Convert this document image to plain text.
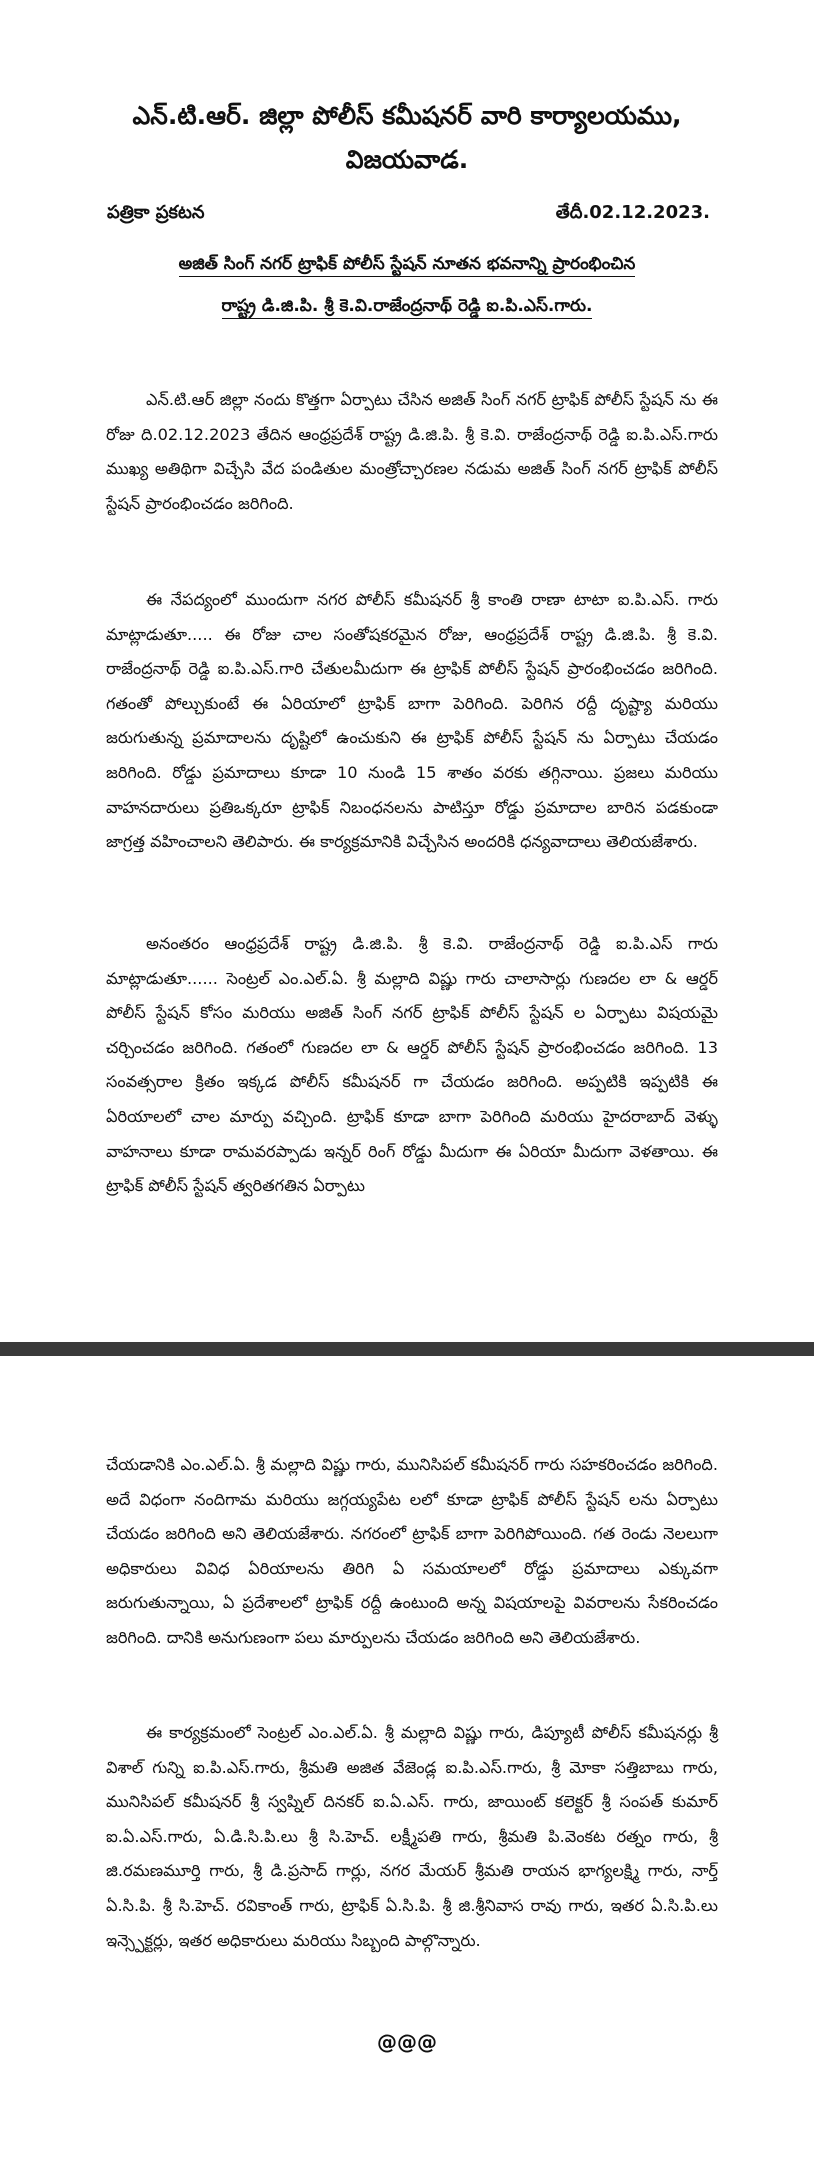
ఎన్.టి.ఆర్. జిల్లా పోలీస్ కమీషనర్ వారి కార్యాలయము,
విజయవాడ.
పత్రికా ప్రకటన	తేదీ.02.12.2023.
అజిత్ సింగ్ నగర్ ట్రాఫిక్ పోలీస్ స్టేషన్ నూతన భవనాన్ని ప్రారంభించిన
రాష్ట్ర డి.జి.పి. శ్రీ కె.వి.రాజేంద్రనాథ్ రెడ్డి ఐ.పి.ఎస్.గారు.

ఎన్.టి.ఆర్ జిల్లా నందు కొత్తగా ఏర్పాటు చేసిన అజిత్ సింగ్ నగర్ ట్రాఫిక్ పోలీస్ స్టేషన్ ను ఈ రోజు ది.02.12.2023 తేదిన ఆంధ్రప్రదేశ్ రాష్ట్ర డి.జి.పి. శ్రీ కె.వి. రాజేంద్రనాథ్ రెడ్డి ఐ.పి.ఎస్.గారు ముఖ్య అతిథిగా విచ్చేసి వేద పండితుల మంత్రోచ్చారణల నడుమ అజిత్ సింగ్ నగర్ ట్రాఫిక్ పోలీస్ స్టేషన్ ప్రారంభించడం జరిగింది.

ఈ నేపద్యంలో ముందుగా నగర పోలీస్ కమీషనర్ శ్రీ కాంతి రాణా టాటా ఐ.పి.ఎస్. గారు మాట్లాడుతూ..... ఈ రోజు చాల సంతోషకరమైన రోజు, ఆంధ్రప్రదేశ్ రాష్ట్ర డి.జి.పి. శ్రీ కె.వి. రాజేంద్రనాథ్ రెడ్డి ఐ.పి.ఎస్.గారి చేతులమీదుగా ఈ ట్రాఫిక్ పోలీస్ స్టేషన్ ప్రారంభించడం జరిగింది. గతంతో పోల్చుకుంటే ఈ ఏరియాలో ట్రాఫిక్ బాగా పెరిగింది. పెరిగిన రద్దీ దృష్ట్యా మరియు జరుగుతున్న ప్రమాదాలను దృష్టిలో ఉంచుకుని ఈ ట్రాఫిక్ పోలీస్ స్టేషన్ ను ఏర్పాటు చేయడం జరిగింది. రోడ్డు ప్రమాదాలు కూడా 10 నుండి 15 శాతం వరకు తగ్గినాయి. ప్రజలు మరియు వాహనదారులు ప్రతిఒక్కరూ ట్రాఫిక్ నిబంధనలను పాటిస్తూ రోడ్డు ప్రమాదాల బారిన పడకుండా జాగ్రత్త వహించాలని తెలిపారు. ఈ కార్యక్రమానికి విచ్చేసిన అందరికి ధన్యవాదాలు తెలియజేశారు.

అనంతరం ఆంధ్రప్రదేశ్ రాష్ట్ర డి.జి.పి. శ్రీ కె.వి. రాజేంద్రనాథ్ రెడ్డి ఐ.పి.ఎస్ గారు మాట్లాడుతూ...... సెంట్రల్ ఎం.ఎల్.ఏ. శ్రీ మల్లాది విష్ణు గారు చాలాసార్లు గుణదల లా & ఆర్డర్ పోలీస్ స్టేషన్ కోసం మరియు అజిత్ సింగ్ నగర్ ట్రాఫిక్ పోలీస్ స్టేషన్ ల ఏర్పాటు విషయమై చర్చించడం జరిగింది. గతంలో గుణదల లా & ఆర్డర్ పోలీస్ స్టేషన్ ప్రారంభించడం జరిగింది. 13 సంవత్సరాల క్రితం ఇక్కడ పోలీస్ కమీషనర్ గా చేయడం జరిగింది. అప్పటికి ఇప్పటికి ఈ ఏరియాలలో చాల మార్పు వచ్చింది. ట్రాఫిక్ కూడా బాగా పెరిగింది మరియు హైదరాబాద్ వెళ్ళు వాహనాలు కూడా రామవరప్పాడు ఇన్నర్ రింగ్ రోడ్డు మీదుగా ఈ ఏరియా మీదుగా వెళతాయి. ఈ ట్రాఫిక్ పోలీస్ స్టేషన్ త్వరితగతిన ఏర్పాటు

చేయడానికి ఎం.ఎల్.ఏ. శ్రీ మల్లాది విష్ణు గారు, మునిసిపల్ కమీషనర్ గారు సహకరించడం జరిగింది. అదే విధంగా నందిగామ మరియు జగ్గయ్యపేట లలో కూడా ట్రాఫిక్ పోలీస్ స్టేషన్ లను ఏర్పాటు చేయడం జరిగింది అని తెలియజేశారు. నగరంలో ట్రాఫిక్ బాగా పెరిగిపోయింది. గత రెండు నెలలుగా అధికారులు వివిధ ఏరియాలను తిరిగి ఏ సమయాలలో రోడ్డు ప్రమాదాలు ఎక్కువగా జరుగుతున్నాయి, ఏ ప్రదేశాలలో ట్రాఫిక్ రద్దీ ఉంటుంది అన్న విషయాలపై వివరాలను సేకరించడం జరిగింది. దానికి అనుగుణంగా పలు మార్పులను చేయడం జరిగింది అని తెలియజేశారు.

ఈ కార్యక్రమంలో సెంట్రల్ ఎం.ఎల్.ఏ. శ్రీ మల్లాది విష్ణు గారు, డిప్యూటీ పోలీస్ కమీషనర్లు శ్రీ విశాల్ గున్ని ఐ.పి.ఎస్.గారు, శ్రీమతి అజిత వేజెండ్ల ఐ.పి.ఎస్.గారు, శ్రీ మోకా సత్తిబాబు గారు, మునిసిపల్ కమీషనర్ శ్రీ స్వప్నిల్ దినకర్ ఐ.ఏ.ఎస్. గారు, జాయింట్ కలెక్టర్ శ్రీ సంపత్ కుమార్ ఐ.ఏ.ఎస్.గారు, ఏ.డి.సి.పి.లు శ్రీ సి.హెచ్. లక్ష్మీపతి గారు, శ్రీమతి పి.వెంకట రత్నం గారు, శ్రీ జి.రమణమూర్తి గారు, శ్రీ డి.ప్రసాద్ గార్లు, నగర మేయర్ శ్రీమతి రాయన భాగ్యలక్ష్మి గారు, నార్త్ ఏ.సి.పి. శ్రీ సి.హెచ్. రవికాంత్ గారు, ట్రాఫిక్ ఏ.సి.పి. శ్రీ జి.శ్రీనివాస రావు గారు, ఇతర ఏ.సి.పి.లు ఇన్స్పెక్టర్లు, ఇతర అధికారులు మరియు సిబ్బంది పాల్గొన్నారు.

@@@
